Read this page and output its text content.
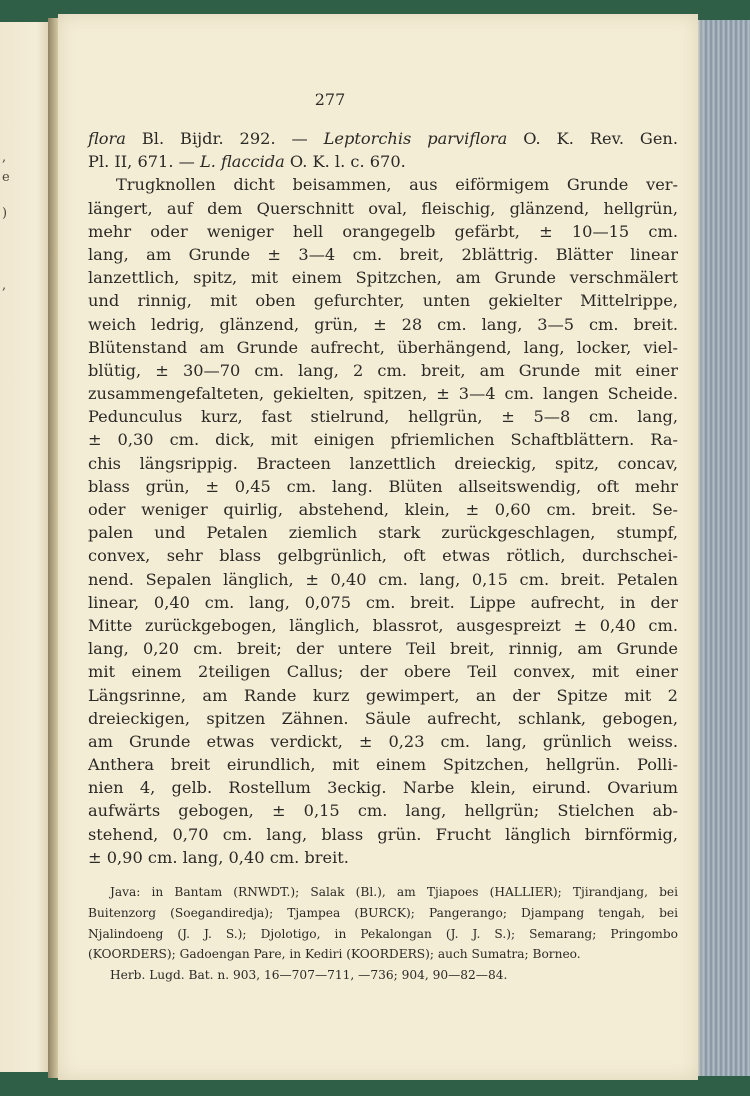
,
e
)
,
277
flora Bl. Bijdr. 292. — Leptorchis parviflora O. K. Rev. Gen.
Pl. II, 671. — L. flaccida O. K. l. c. 670.
Trugknollen dicht beisammen, aus eiförmigem Grunde ver-
längert, auf dem Querschnitt oval, fleischig, glänzend, hellgrün,
mehr oder weniger hell orangegelb gefärbt, ± 10—15 cm.
lang, am Grunde ± 3—4 cm. breit, 2blättrig. Blätter linear
lanzettlich, spitz, mit einem Spitzchen, am Grunde verschmälert
und rinnig, mit oben gefurchter, unten gekielter Mittelrippe,
weich ledrig, glänzend, grün, ± 28 cm. lang, 3—5 cm. breit.
Blütenstand am Grunde aufrecht, überhängend, lang, locker, viel-
blütig, ± 30—70 cm. lang, 2 cm. breit, am Grunde mit einer
zusammengefalteten, gekielten, spitzen, ± 3—4 cm. langen Scheide.
Pedunculus kurz, fast stielrund, hellgrün, ± 5—8 cm. lang,
± 0,30 cm. dick, mit einigen pfriemlichen Schaftblättern. Ra-
chis längsrippig. Bracteen lanzettlich dreieckig, spitz, concav,
blass grün, ± 0,45 cm. lang. Blüten allseitswendig, oft mehr
oder weniger quirlig, abstehend, klein, ± 0,60 cm. breit. Se-
palen und Petalen ziemlich stark zurückgeschlagen, stumpf,
convex, sehr blass gelbgrünlich, oft etwas rötlich, durchschei-
nend. Sepalen länglich, ± 0,40 cm. lang, 0,15 cm. breit. Petalen
linear, 0,40 cm. lang, 0,075 cm. breit. Lippe aufrecht, in der
Mitte zurückgebogen, länglich, blassrot, ausgespreizt ± 0,40 cm.
lang, 0,20 cm. breit; der untere Teil breit, rinnig, am Grunde
mit einem 2teiligen Callus; der obere Teil convex, mit einer
Längsrinne, am Rande kurz gewimpert, an der Spitze mit 2
dreieckigen, spitzen Zähnen. Säule aufrecht, schlank, gebogen,
am Grunde etwas verdickt, ± 0,23 cm. lang, grünlich weiss.
Anthera breit eirundlich, mit einem Spitzchen, hellgrün. Polli-
nien 4, gelb. Rostellum 3eckig. Narbe klein, eirund. Ovarium
aufwärts gebogen, ± 0,15 cm. lang, hellgrün; Stielchen ab-
stehend, 0,70 cm. lang, blass grün. Frucht länglich birnförmig,
± 0,90 cm. lang, 0,40 cm. breit.
Java: in Bantam (RNWDT.); Salak (Bl.), am Tjiapoes (HALLIER); Tjirandjang, bei
Buitenzorg (Soegandiredja); Tjampea (BURCK); Pangerango; Djampang tengah, bei
Njalindoeng (J. J. S.); Djolotigo, in Pekalongan (J. J. S.); Semarang; Pringombo
(KOORDERS); Gadoengan Pare, in Kediri (KOORDERS); auch Sumatra; Borneo.
Herb. Lugd. Bat. n. 903, 16—707—711, —736; 904, 90—82—84.
